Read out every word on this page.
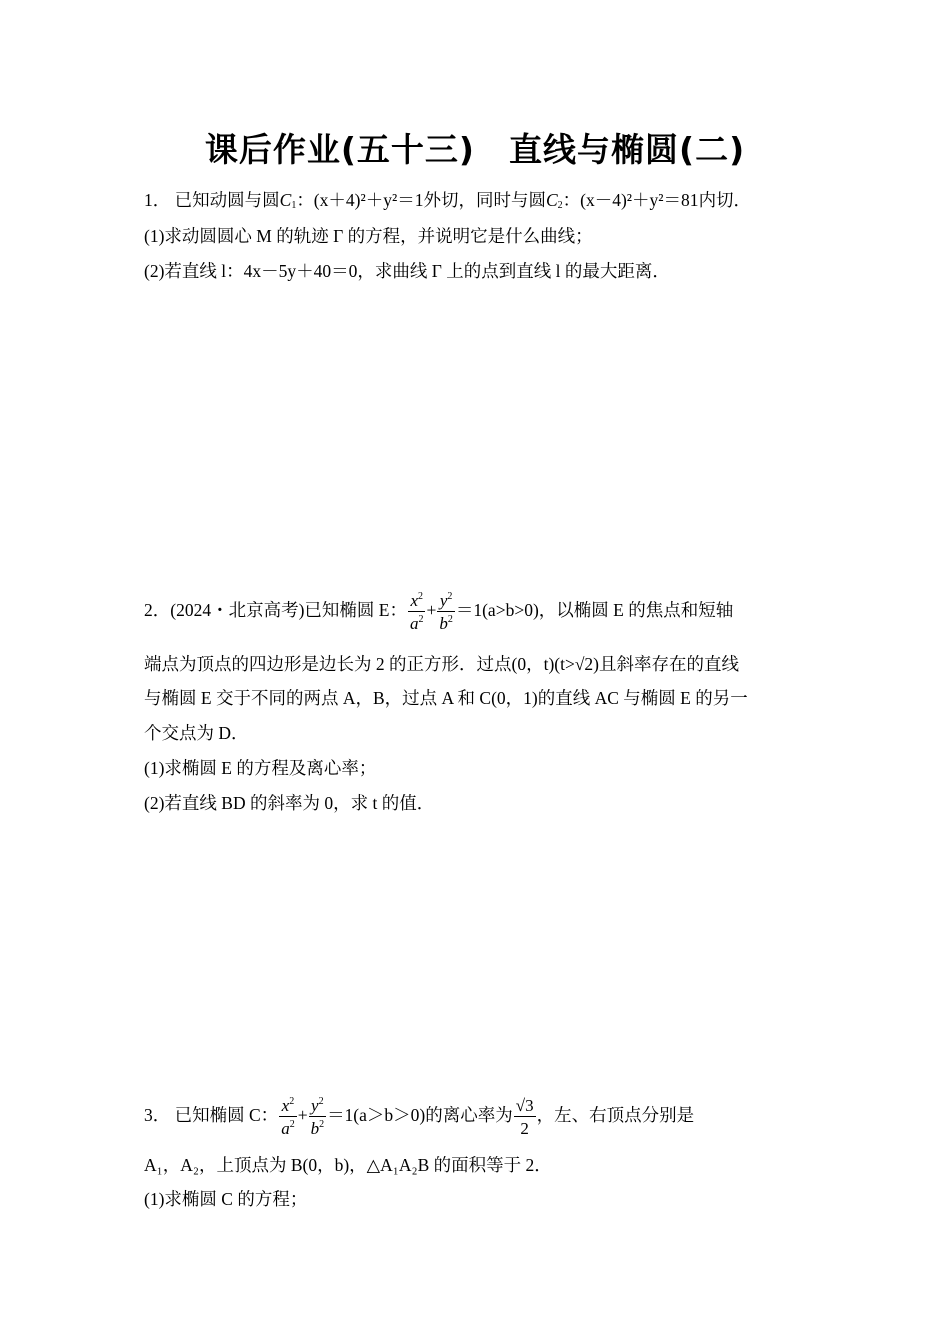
课后作业(五十三) 直线与椭圆(二)
1． 已知动圆与圆$C_1$：(x＋4)²＋y²＝1外切，同时与圆$C_2$：(x－4)²＋y²＝81内切．
(1)求动圆圆心 M 的轨迹 Γ 的方程，并说明它是什么曲线；
(2)若直线 l：4x－5y＋40＝0，求曲线 Γ 上的点到直线 l 的最大距离．
2．(2024・北京高考)已知椭圆 E： $\frac{x^2}{a^2} + \frac{y^2}{b^2} =1(a>b>0)$，以椭圆 E 的焦点和短轴
端点为顶点的四边形是边长为 2 的正方形．过点(0，t)(t>√2)且斜率存在的直线
与椭圆 E 交于不同的两点 A，B，过点 A 和 C(0，1)的直线 AC 与椭圆 E 的另一
个交点为 D．
(1)求椭圆 E 的方程及离心率；
(2)若直线 BD 的斜率为 0，求 t 的值．
3． 已知椭圆 C： $\frac{x^2}{a^2} + \frac{y^2}{b^2} =1(a>b>0)$的离心率为 $\frac{√3}{2}$ ，左、右顶点分别是
A₁，A₂，上顶点为 B(0，b)，△A₁A₂B 的面积等于 2．
(1)求椭圆 C 的方程；
